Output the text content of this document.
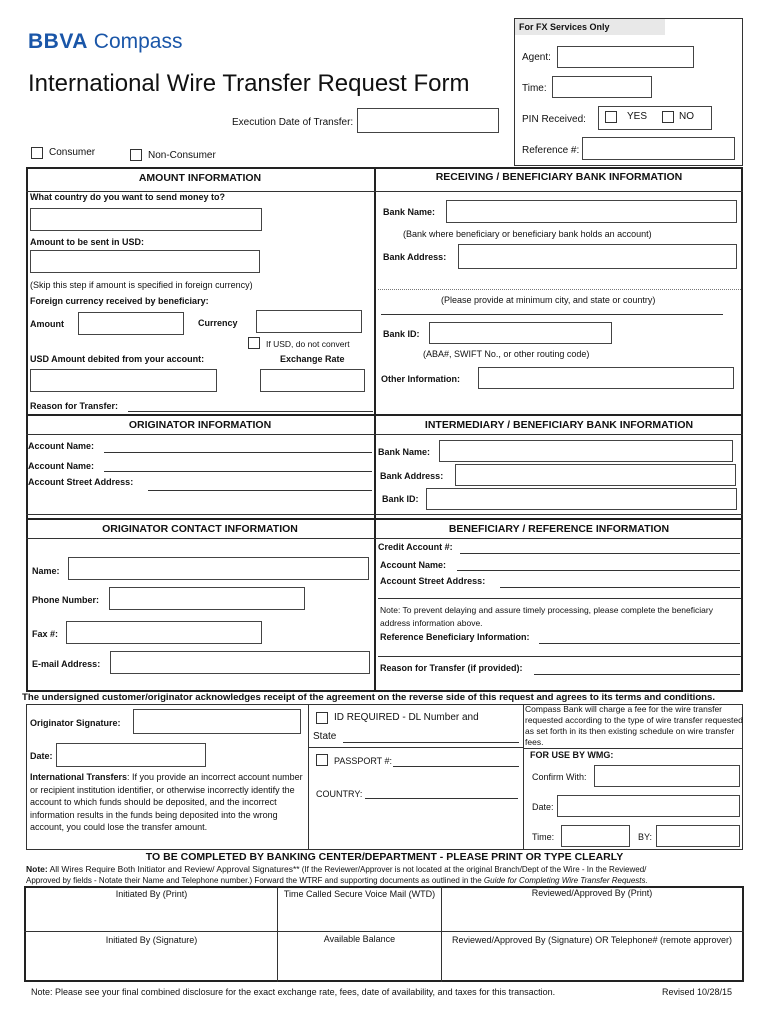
BBVA Compass
International Wire Transfer Request Form
Execution Date of Transfer:
Consumer	Non-Consumer
For FX Services Only
Agent:
Time:
PIN Received:	YES	NO
Reference #:
AMOUNT INFORMATION
What country do you want to send money to?
Amount to be sent in USD:
(Skip this step if amount is specified in foreign currency)
Foreign currency received by beneficiary:
Amount	Currency
If USD, do not convert
USD Amount debited from your account:	Exchange Rate
Reason for Transfer:
RECEIVING / BENEFICIARY BANK INFORMATION
Bank Name:
(Bank where beneficiary or beneficiary bank holds an account)
Bank Address:
(Please provide at minimum city, and state or country)
Bank ID:
(ABA#, SWIFT No., or other routing code)
Other Information:
ORIGINATOR INFORMATION
Account Name:
Account Name:
Account Street Address:
INTERMEDIARY / BENEFICIARY BANK INFORMATION
Bank Name:
Bank Address:
Bank ID:
ORIGINATOR CONTACT INFORMATION
Name:
Phone Number:
Fax #:
E-mail Address:
BENEFICIARY / REFERENCE INFORMATION
Credit Account #:
Account Name:
Account Street Address:
Note: To prevent delaying and assure timely processing, please complete the beneficiary address information above.
Reference Beneficiary Information:
Reason for Transfer (if provided):
The undersigned customer/originator acknowledges receipt of the agreement on the reverse side of this request and agrees to its terms and conditions.
Originator Signature:
Date:
International Transfers: If you provide an incorrect account number or recipient institution identifier, or otherwise incorrectly identify the account to which funds should be deposited, and the incorrect information results in the funds being deposited into the wrong account, you could lose the transfer amount.
ID REQUIRED - DL Number and
State
PASSPORT #:
COUNTRY:
Compass Bank will charge a fee for the wire transfer requested according to the type of wire transfer requested as set forth in its then existing schedule on wire transfer fees.
FOR USE BY WMG:
Confirm With:
Date:
Time:	BY:
TO BE COMPLETED BY BANKING CENTER/DEPARTMENT - PLEASE PRINT OR TYPE CLEARLY
Note: All Wires Require Both Initiator and Review/ Approval Signatures** (If the Reviewer/Approver is not located at the original Branch/Dept of the Wire - In the Reviewed/
Approved by fields - Notate their Name and Telephone number.) Forward the WTRF and supporting documents as outlined in the Guide for Completing Wire Transfer Requests.
Initiated By (Print)	Time Called Secure Voice Mail (WTD)	Reviewed/Approved By (Print)
Initiated By (Signature)	Available Balance	Reviewed/Approved By (Signature) OR Telephone# (remote approver)
Note: Please see your final combined disclosure for the exact exchange rate, fees, date of availability, and taxes for this transaction.	Revised 10/28/15
